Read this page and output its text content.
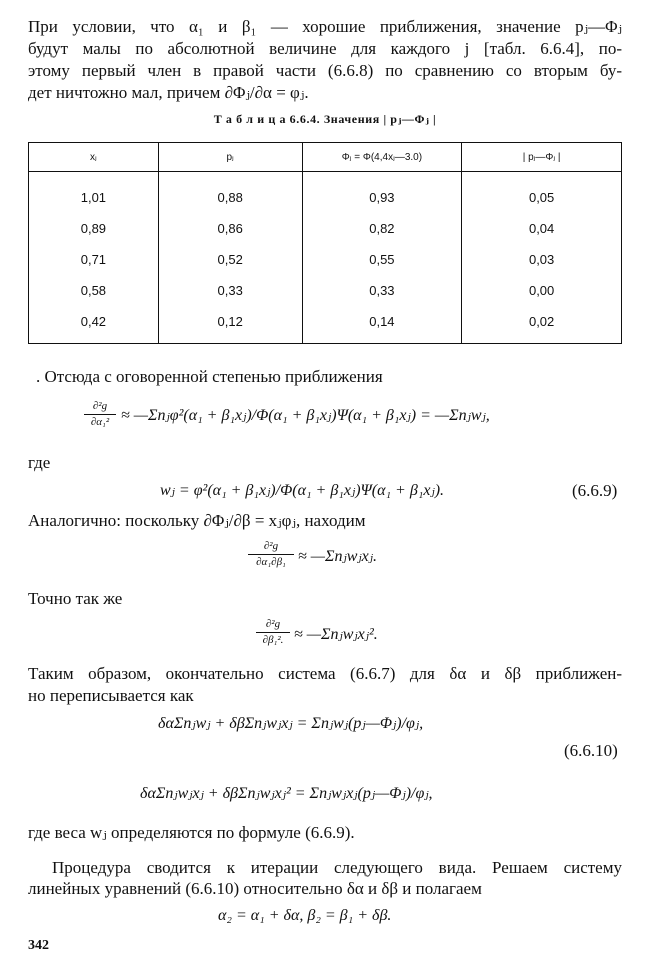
При условии, что α₁ и β₁ — хорошие приближения, значение pⱼ—Φⱼ
будут малы по абсолютной величине для каждого j [табл. 6.6.4], по-
этому первый член в правой части (6.6.8) по сравнению со вторым бу-
дет ничтожно мал, причем ∂Φⱼ/∂α = φⱼ.
Т а б л и ц а 6.6.4. Значения | pⱼ—Φⱼ |
xⱼ	pⱼ	Φⱼ = Φ(4,4xⱼ—3.0)	| pⱼ—Φⱼ |
1,01	0,88	0,93	0,05
0,89	0,86	0,82	0,04
0,71	0,52	0,55	0,03
0,58	0,33	0,33	0,00
0,42	0,12	0,14	0,02
. Отсюда с оговоренной степенью приближения
∂²g
∂α₁² ≈ —Σnⱼφ²(α₁ + β₁xⱼ)/Φ(α₁ + β₁xⱼ)Ψ(α₁ + β₁xⱼ) = —Σnⱼwⱼ,
где
wⱼ = φ²(α₁ + β₁xⱼ)/Φ(α₁ + β₁xⱼ)Ψ(α₁ + β₁xⱼ).	(6.6.9)
Аналогично: поскольку ∂Φⱼ/∂β = xⱼφⱼ, находим
∂²g
∂α₁∂β₁ ≈ —Σnⱼwⱼxⱼ.
Точно так же
∂²g
∂β₁². ≈ —Σnⱼwⱼxⱼ².
Таким образом, окончательно система (6.6.7) для δα и δβ приближен-
но переписывается как
δαΣnⱼwⱼ + δβΣnⱼwⱼxⱼ = Σnⱼwⱼ(pⱼ—Φⱼ)/φⱼ,
(6.6.10)
δαΣnⱼwⱼxⱼ + δβΣnⱼwⱼxⱼ² = Σnⱼwⱼxⱼ(pⱼ—Φⱼ)/φⱼ,
где веса wⱼ определяются по формуле (6.6.9).
Процедура сводится к итерации следующего вида. Решаем систему
линейных уравнений (6.6.10) относительно δα и δβ и полагаем
α₂ = α₁ + δα, β₂ = β₁ + δβ.
342
